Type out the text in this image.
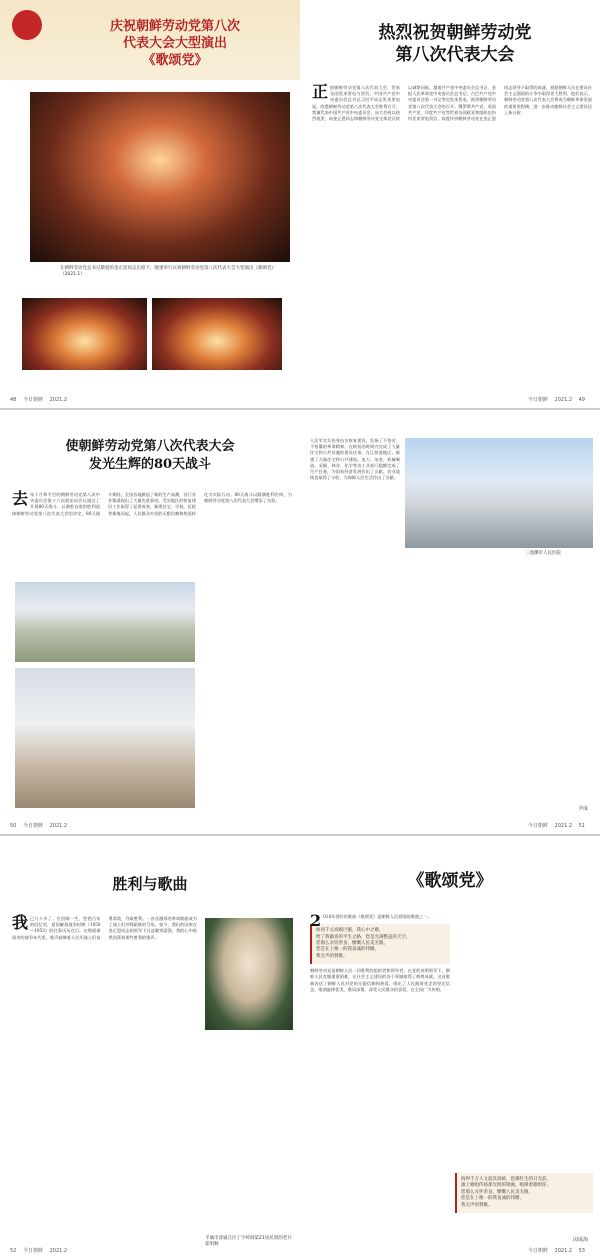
庆祝朝鲜劳动党第八次
代表大会大型演出
《歌颂党》
在朝鲜劳动党总书记敬爱的金正恩同志出席下，隆重举行庆祝朝鲜劳动党第八次代表大会大型演出《歌颂党》（2021.1）
48 今日朝鲜 2021.2
热烈祝贺朝鲜劳动党
第八次代表大会
正 值朝鲜劳动党第八次代表大会，世界各国发来贺电与贺信。中国共产党中央委员会总书记习近平同志发来贺电说，欣悉朝鲜劳动党第八次代表大会胜利召开，我谨代表中国共产党中央委员会，向大会致以热烈祝贺，向金正恩同志和朝鲜劳动党全体党员致以诚挚问候。越南共产党中央委员会总书记、老挝人民革命党中央委员会总书记、古巴共产党中央委员会第一书记等也发来贺电，祝贺朝鲜劳动党第八次代表大会的召开。俄罗斯共产党、英国共产党、印度共产党等世界各国政党和组织也纷纷发来贺电贺信，高度评价朝鲜劳动党在金正恩同志领导下取得的成就，祝愿朝鲜人民在建设社会主义强国的斗争中取得更大胜利。他们表示，朝鲜劳动党第八次代表大会将成为朝鲜革命发展的重要里程碑，进一步推动朝鲜社会主义建设迈上新台阶。
今日朝鲜 2021.2 49
使朝鲜劳动党第八次代表大会
发光生辉的80天战斗
去 年十月和平打的朝鲜劳动党第八次中央委员会第十六次政治局会议通过了开展80天战斗、以满腔自豪的胜利迎接朝鲜劳动党第八次代表大会的决定。80天战斗期间，全国各地掀起了新的生产高潮，各行各业都涌现出了大量先进事迹。受灾地区的恢复建设工作取得了显著成效，新建住宅、学校、医院等拔地而起，人民群众对党的无限信赖和热爱转化为实际行动。80天战斗以圆满胜利告终，为朝鲜劳动党第八次代表大会增添了光彩。
50 今日朝鲜 2021.2
人民军官兵投身抗灾恢复建设，发扬了不怕苦、不怕累的革命精神，在极短的时间内完成了大量住宅和公共设施的建设任务。在江原道地区，新建了大量住宅和公共建筑。电力、冶金、机械制造、采掘、林业、化学等各工业部门超额完成了生产任务，为国家经济发展作出了贡献。农业战线也取得了丰收，为保障人民生活作出了贡献。
三池渊市人民医院
尹成
今日朝鲜 2021.2 51
胜利与歌曲
我 已九十多了。在回顾一生、悠悠百年的回忆里，祖国解放战争时期（1950—1953）的往事历历在目。在那艰难困苦的战争年代里，歌声鼓舞着人民军战士们奋勇杀敌，夺取胜利。一首首激昂的革命歌曲成为了战士们冲锋陷阵的号角。如今，我们的国家在金正恩同志的领导下日益繁荣富强，我的心中依然回荡着那些胜利的歌声。
平壤市普通江区丁字岭洞第21居民班的老兵崔明顺
52 今日朝鲜 2021.2
《歌颂党》
2 018年创作的歌曲《歌颂党》是朝鲜人民爱唱的歌曲之一。
如同千丈高峡巨壑，我心中之歌，
给了我做喜的平生之路，您是光满整盖的天空，
您那么亲切善良，慷慨人民美无限，
您是在上唯一的我衷诚的伟慷，
我无声的赞歌。
朝鲜劳动党是朝鲜人民一切胜利的组织者和领导者。在党的英明领导下，朝鲜人民克服重重困难，在社会主义建设的各个领域取得了辉煌成就。这首歌曲表达了朝鲜人民对党的无限信赖和热爱，唱出了人民跟着党走的坚定信念。歌曲旋律优美，歌词深情，深受人民群众的喜爱，在全国广为传唱。
海停千万人文波其高峡，您那红生的日光前，
旗上歌唱传扬那光明的锦旗，咆哮着歌唱你，
您那么关怀善良，慷慨人民美无限，
您是在上唯一的我衷诚的伟慷，
我无声的赞歌。
闵成海
今日朝鲜 2021.2 53
